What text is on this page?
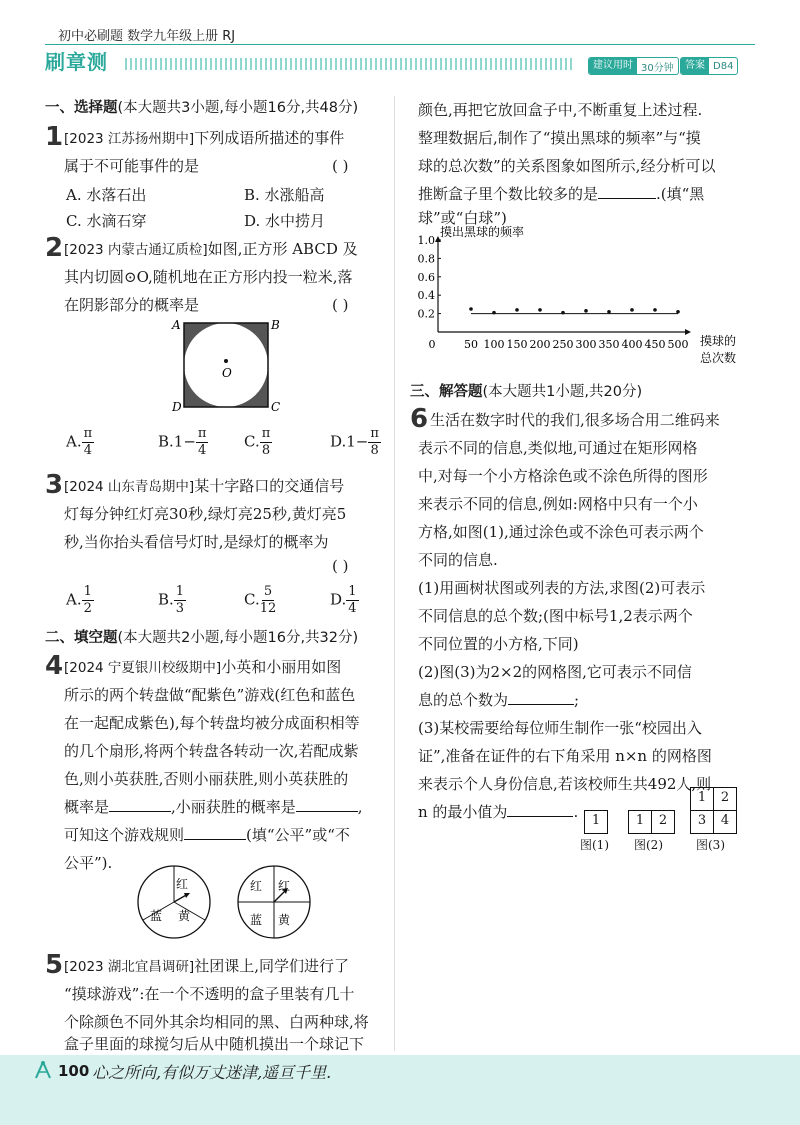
初中必刷题 数学九年级上册 RJ
刷章测	建议用时 30分钟	答案 D84
一、选择题(本大题共3小题,每小题16分,共48分)
1 [2023 江苏扬州期中]下列成语所描述的事件
属于不可能事件的是	( )
A. 水落石出	B. 水涨船高
C. 水滴石穿	D. 水中捞月
2 [2023 内蒙古通辽质检]如图,正方形 ABCD 及
其内切圆⊙O,随机地在正方形内投一粒米,落
在阴影部分的概率是	( )
A	B
C
D
O
A. $\frac{\pi}{4}$	$B.1- \frac{\pi}{4} C$. $\frac{\pi}{8}$	$D.1- \frac{\pi}{8}$
3 [2024 山东青岛期中]某十字路口的交通信号
灯每分钟红灯亮30秒,绿灯亮25秒,黄灯亮5
秒,当你抬头看信号灯时,是绿灯的概率为
( )
A. $\frac{1}{2}$	B. $\frac{1}{3}$	C. $\frac{5}{12}$	D. $\frac{1}{4}$
二、填空题(本大题共2小题,每小题16分,共32分)
4 [2024 宁夏银川校级期中]小英和小丽用如图
所示的两个转盘做“配紫色”游戏(红色和蓝色
在一起配成紫色),每个转盘均被分成面积相等
的几个扇形,将两个转盘各转动一次,若配成紫
色,则小英获胜,否则小丽获胜,则小英获胜的
概率是	,小丽获胜的概率是	,
可知这个游戏规则	(填“公平”或“不
公平”).
红
蓝 黄
红 红
蓝 黄
5 [2023 湖北宜昌调研]社团课上,同学们进行了
“摸球游戏”:在一个不透明的盒子里装有几十
个除颜色不同外其余均相同的黑、白两种球,将
盒子里面的球搅匀后从中随机摸出一个球记下
颜色,再把它放回盒子中,不断重复上述过程.
整理数据后,制作了“摸出黑球的频率”与“摸
球的总次数”的关系图象如图所示,经分析可以
推断盒子里个数比较多的是	.(填“黑
球”或“白球”)
摸出黑球的频率
摸球的
总次数
0.2
0.4
0.6
0.8
1.0
0	50 100 150 200 250 300 350 400 450 500
三、解答题(本大题共1小题,共20分)
6 生活在数字时代的我们,很多场合用二维码来
表示不同的信息,类似地,可通过在矩形网格
中,对每一个小方格涂色或不涂色所得的图形
来表示不同的信息,例如:网格中只有一个小
方格,如图(1),通过涂色或不涂色可表示两个
不同的信息.
(1)用画树状图或列表的方法,求图(2)可表示
不同信息的总个数;(图中标号1,2表示两个
不同位置的小方格,下同)
(2)图(3)为2×2的网格图,它可表示不同信
息的总个数为	;
(3)某校需要给每位师生制作一张“校园出入
证”,准备在证件的右下角采用 n×n 的网格图
来表示个人身份信息,若该校师生共492人,则
n 的最小值为	.	1	1	2
1	2
3	4
图(1) 图(2)	图(3)
100 心之所向,有似万丈迷津,遥亘千里.
